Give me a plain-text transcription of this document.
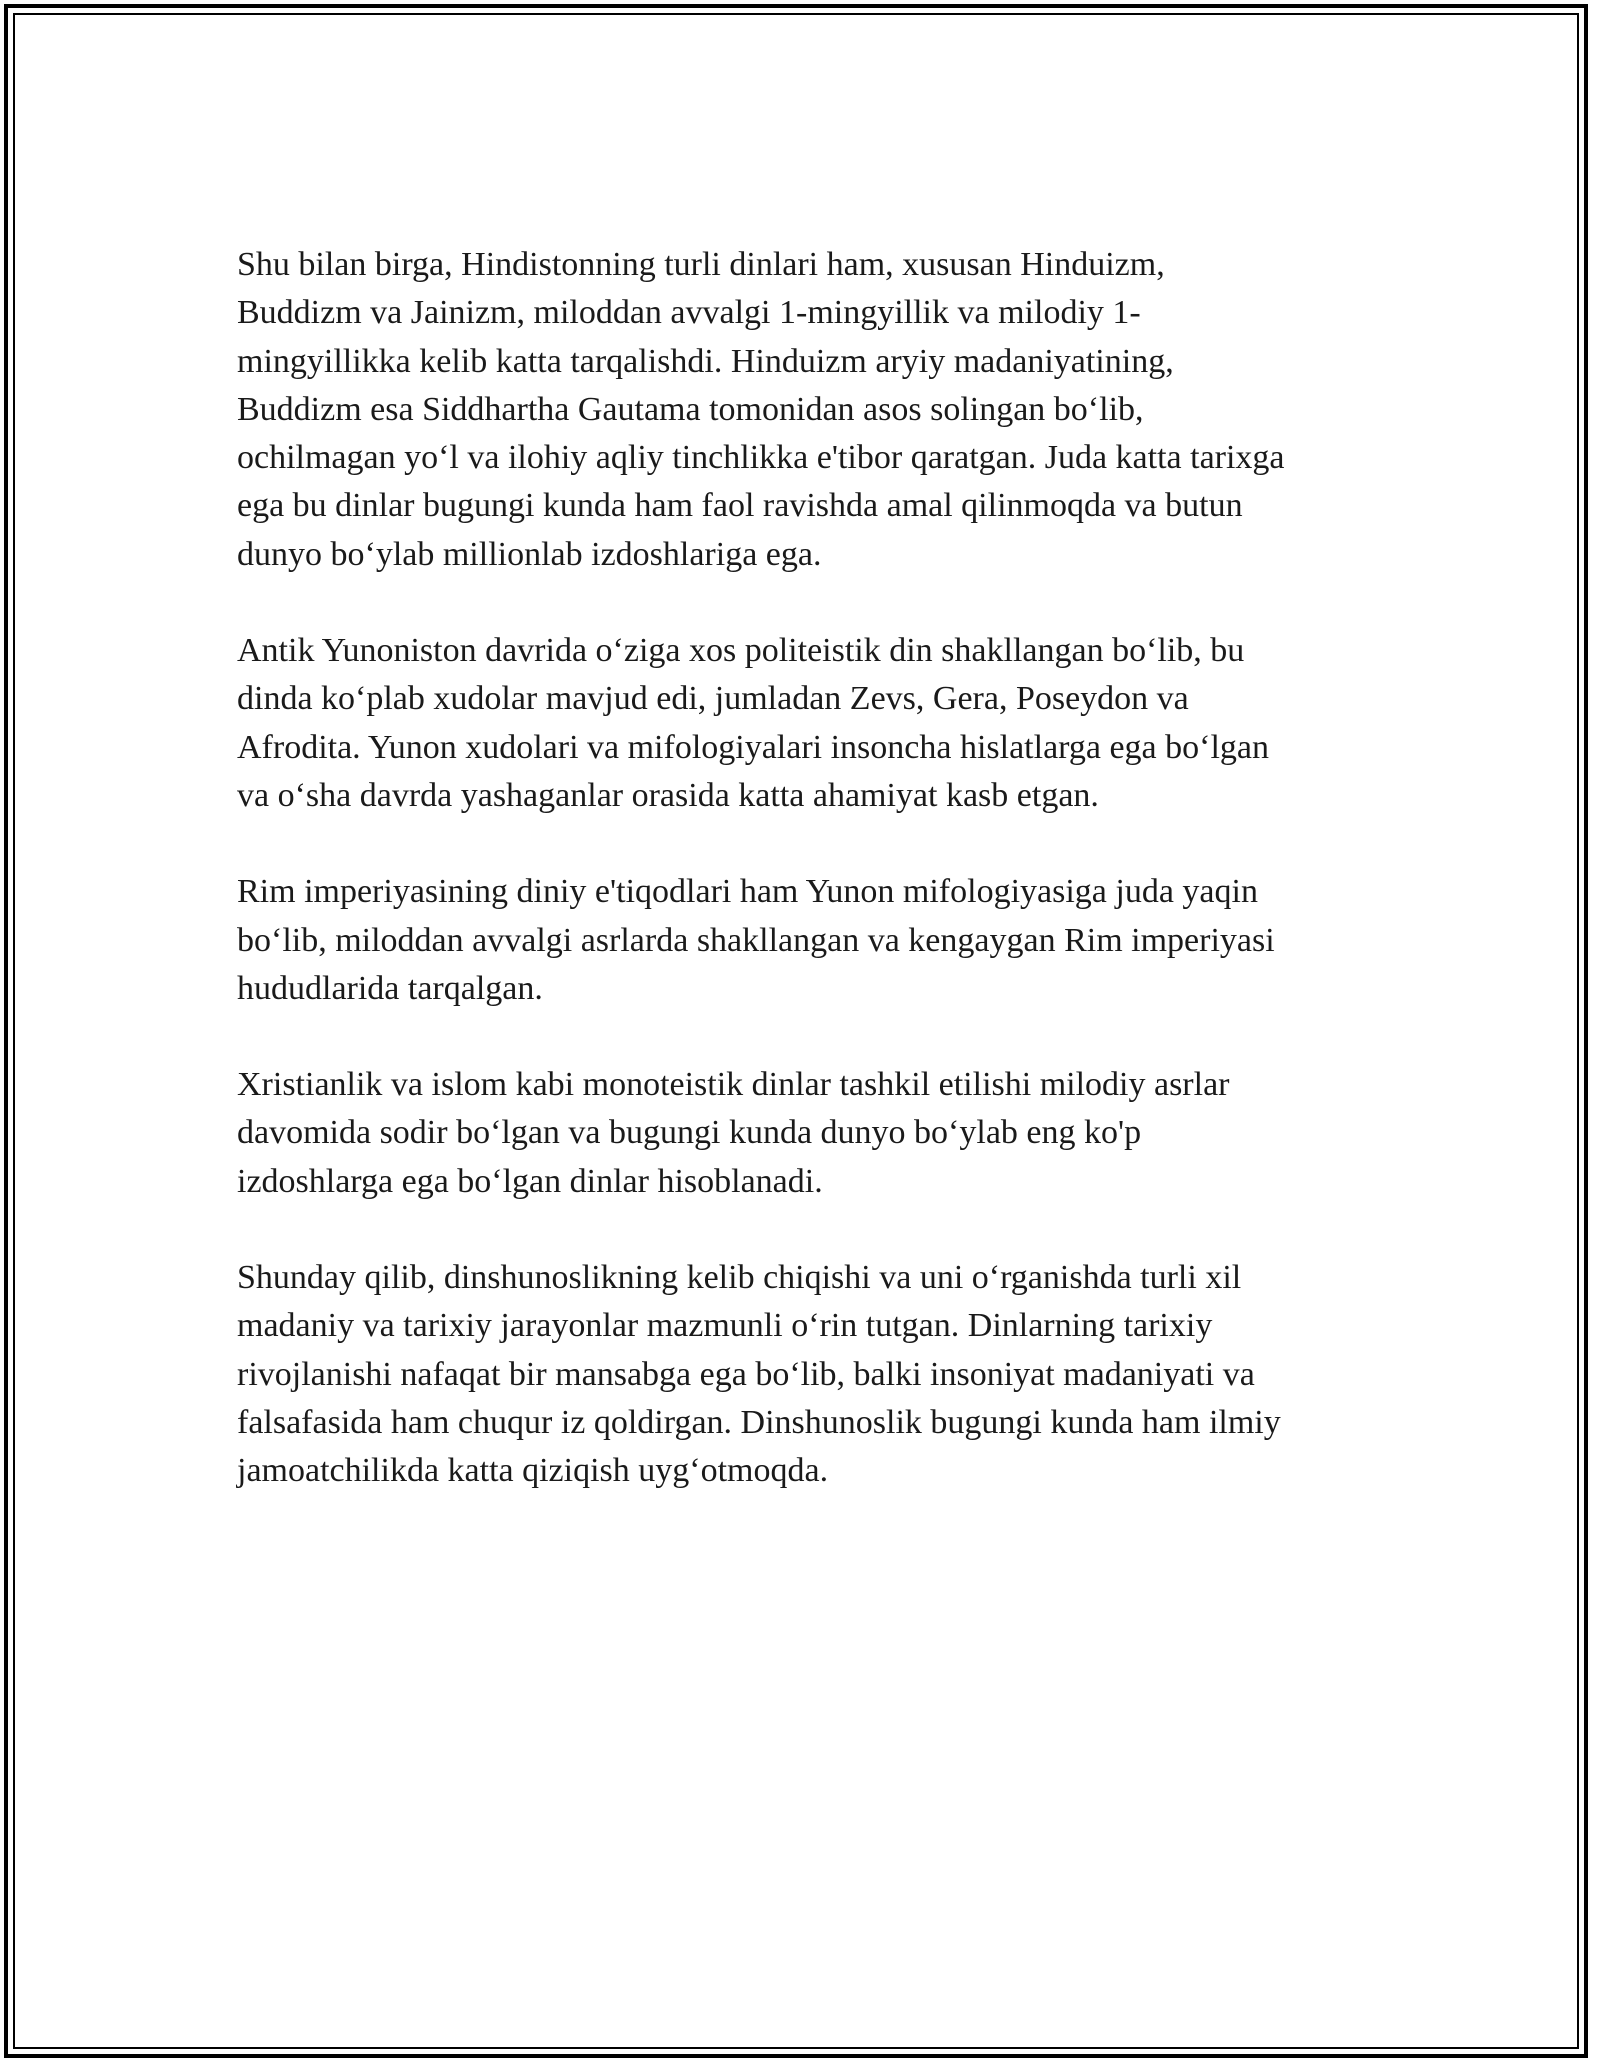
Shu bilan birga, Hindistonning turli dinlari ham, xususan Hinduizm,
Buddizm va Jainizm, miloddan avvalgi 1-mingyillik va milodiy 1-
mingyillikka kelib katta tarqalishdi. Hinduizm aryiy madaniyatining,
Buddizm esa Siddhartha Gautama tomonidan asos solingan boʻlib,
ochilmagan yoʻl va ilohiy aqliy tinchlikka e'tibor qaratgan. Juda katta tarixga
ega bu dinlar bugungi kunda ham faol ravishda amal qilinmoqda va butun
dunyo boʻylab millionlab izdoshlariga ega.

Antik Yunoniston davrida oʻziga xos politeistik din shakllangan boʻlib, bu
dinda koʻplab xudolar mavjud edi, jumladan Zevs, Gera, Poseydon va
Afrodita. Yunon xudolari va mifologiyalari insoncha hislatlarga ega boʻlgan
va oʻsha davrda yashaganlar orasida katta ahamiyat kasb etgan.

Rim imperiyasining diniy e'tiqodlari ham Yunon mifologiyasiga juda yaqin
boʻlib, miloddan avvalgi asrlarda shakllangan va kengaygan Rim imperiyasi
hududlarida tarqalgan.

Xristianlik va islom kabi monoteistik dinlar tashkil etilishi milodiy asrlar
davomida sodir boʻlgan va bugungi kunda dunyo boʻylab eng ko'p
izdoshlarga ega boʻlgan dinlar hisoblanadi.

Shunday qilib, dinshunoslikning kelib chiqishi va uni oʻrganishda turli xil
madaniy va tarixiy jarayonlar mazmunli oʻrin tutgan. Dinlarning tarixiy
rivojlanishi nafaqat bir mansabga ega boʻlib, balki insoniyat madaniyati va
falsafasida ham chuqur iz qoldirgan. Dinshunoslik bugungi kunda ham ilmiy
jamoatchilikda katta qiziqish uygʻotmoqda.
